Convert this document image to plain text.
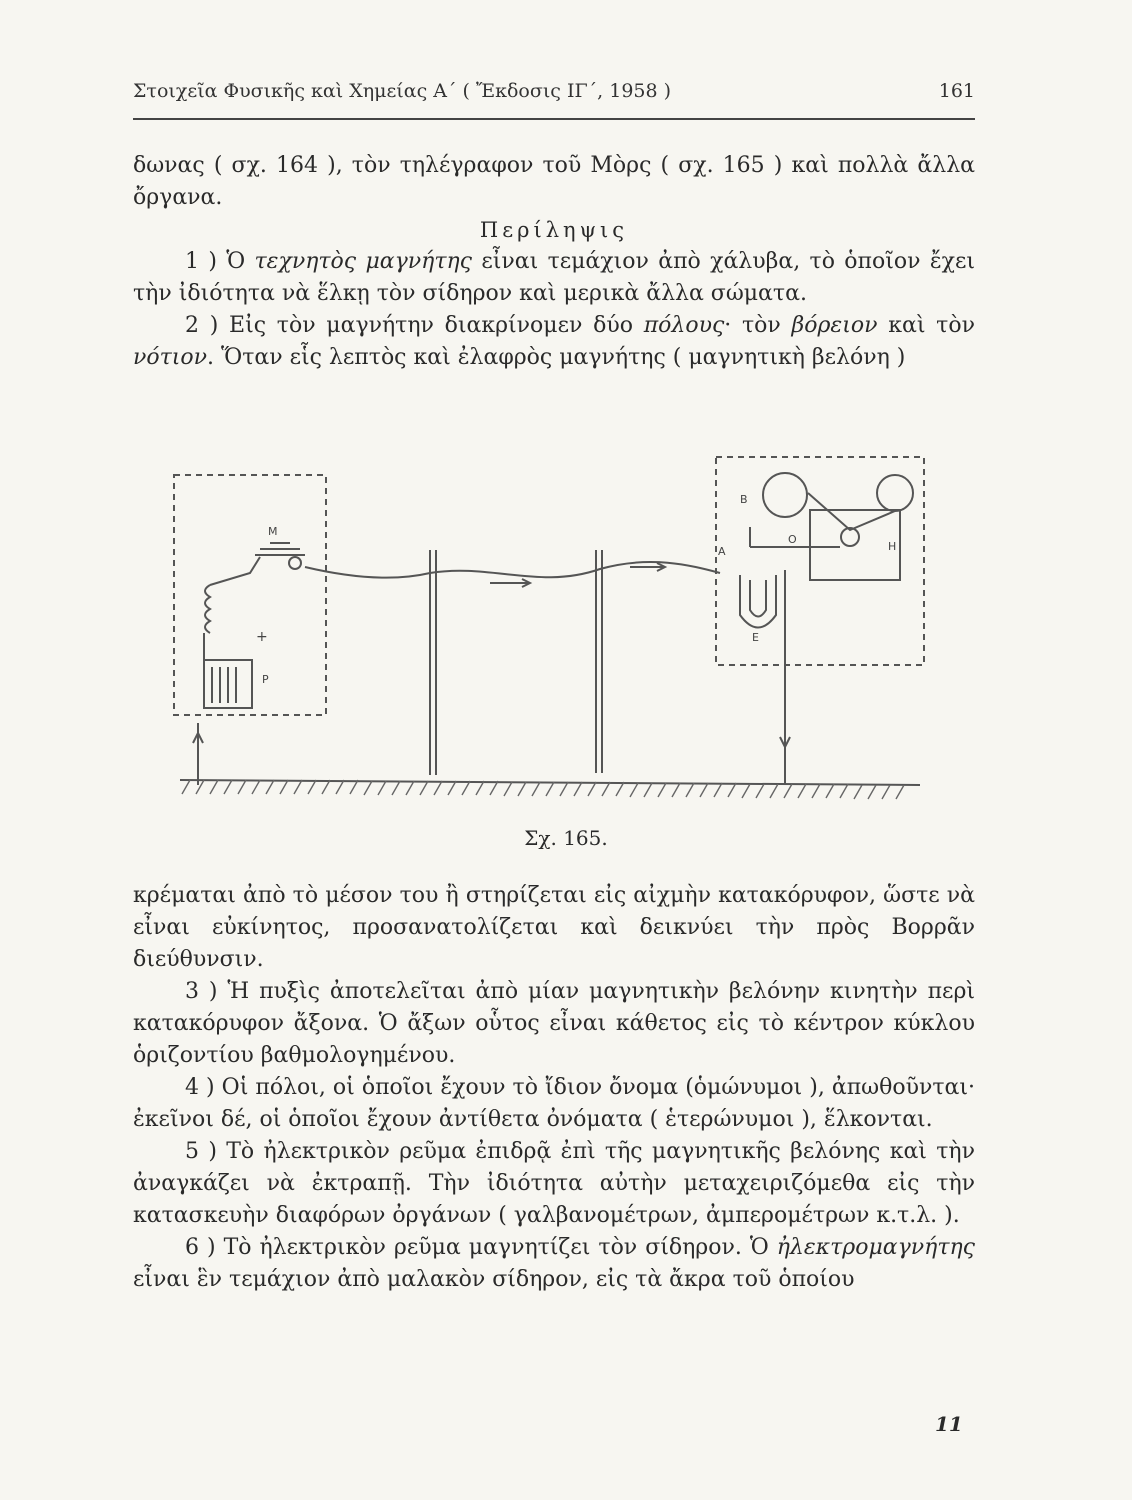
Στοιχεῖα Φυσικῆς καὶ Χημείας Α΄ ( Ἔκδοσις ΙΓ΄, 1958 )	161

δωνας ( σχ. 164 ), τὸν τηλέγραφον τοῦ Μὸρς ( σχ. 165 ) καὶ πολλὰ ἄλλα ὄργανα.

Περίληψις

1 ) Ὁ τεχνητὸς μαγνήτης εἶναι τεμάχιον ἀπὸ χάλυβα, τὸ ὁποῖον ἔχει τὴν ἰδιότητα νὰ ἕλκῃ τὸν σίδηρον καὶ μερικὰ ἄλλα σώματα.

2 ) Εἰς τὸν μαγνήτην διακρίνομεν δύο πόλους· τὸν βόρειον καὶ τὸν νότιον. Ὅταν εἷς λεπτὸς καὶ ἐλαφρὸς μαγνήτης ( μαγνητικὴ βελόνη )

Μ
+
P
B
A
O
H
E
Σχ. 165.

κρέμαται ἀπὸ τὸ μέσον του ἢ στηρίζεται εἰς αἰχμὴν κατακόρυφον, ὥστε νὰ εἶναι εὐκίνητος, προσανατολίζεται καὶ δεικνύει τὴν πρὸς Βορρᾶν διεύθυνσιν.

3 ) Ἡ πυξὶς ἀποτελεῖται ἀπὸ μίαν μαγνητικὴν βελόνην κινητὴν περὶ κατακόρυφον ἄξονα. Ὁ ἄξων οὗτος εἶναι κάθετος εἰς τὸ κέντρον κύκλου ὁριζοντίου βαθμολογημένου.

4 ) Οἱ πόλοι, οἱ ὁποῖοι ἔχουν τὸ ἴδιον ὄνομα (ὁμώνυμοι ), ἀπωθοῦνται· ἐκεῖνοι δέ, οἱ ὁποῖοι ἔχουν ἀντίθετα ὀνόματα ( ἑτερώνυμοι ), ἕλκονται.

5 ) Τὸ ἠλεκτρικὸν ρεῦμα ἐπιδρᾷ ἐπὶ τῆς μαγνητικῆς βελόνης καὶ τὴν ἀναγκάζει νὰ ἐκτραπῇ. Τὴν ἰδιότητα αὐτὴν μεταχειριζόμεθα εἰς τὴν κατασκευὴν διαφόρων ὀργάνων ( γαλβανομέτρων, ἀμπερομέτρων κ.τ.λ. ).

6 ) Τὸ ἠλεκτρικὸν ρεῦμα μαγνητίζει τὸν σίδηρον. Ὁ ἠλεκτρομαγνήτης εἶναι ἓν τεμάχιον ἀπὸ μαλακὸν σίδηρον, εἰς τὰ ἄκρα τοῦ ὁποίου

11
